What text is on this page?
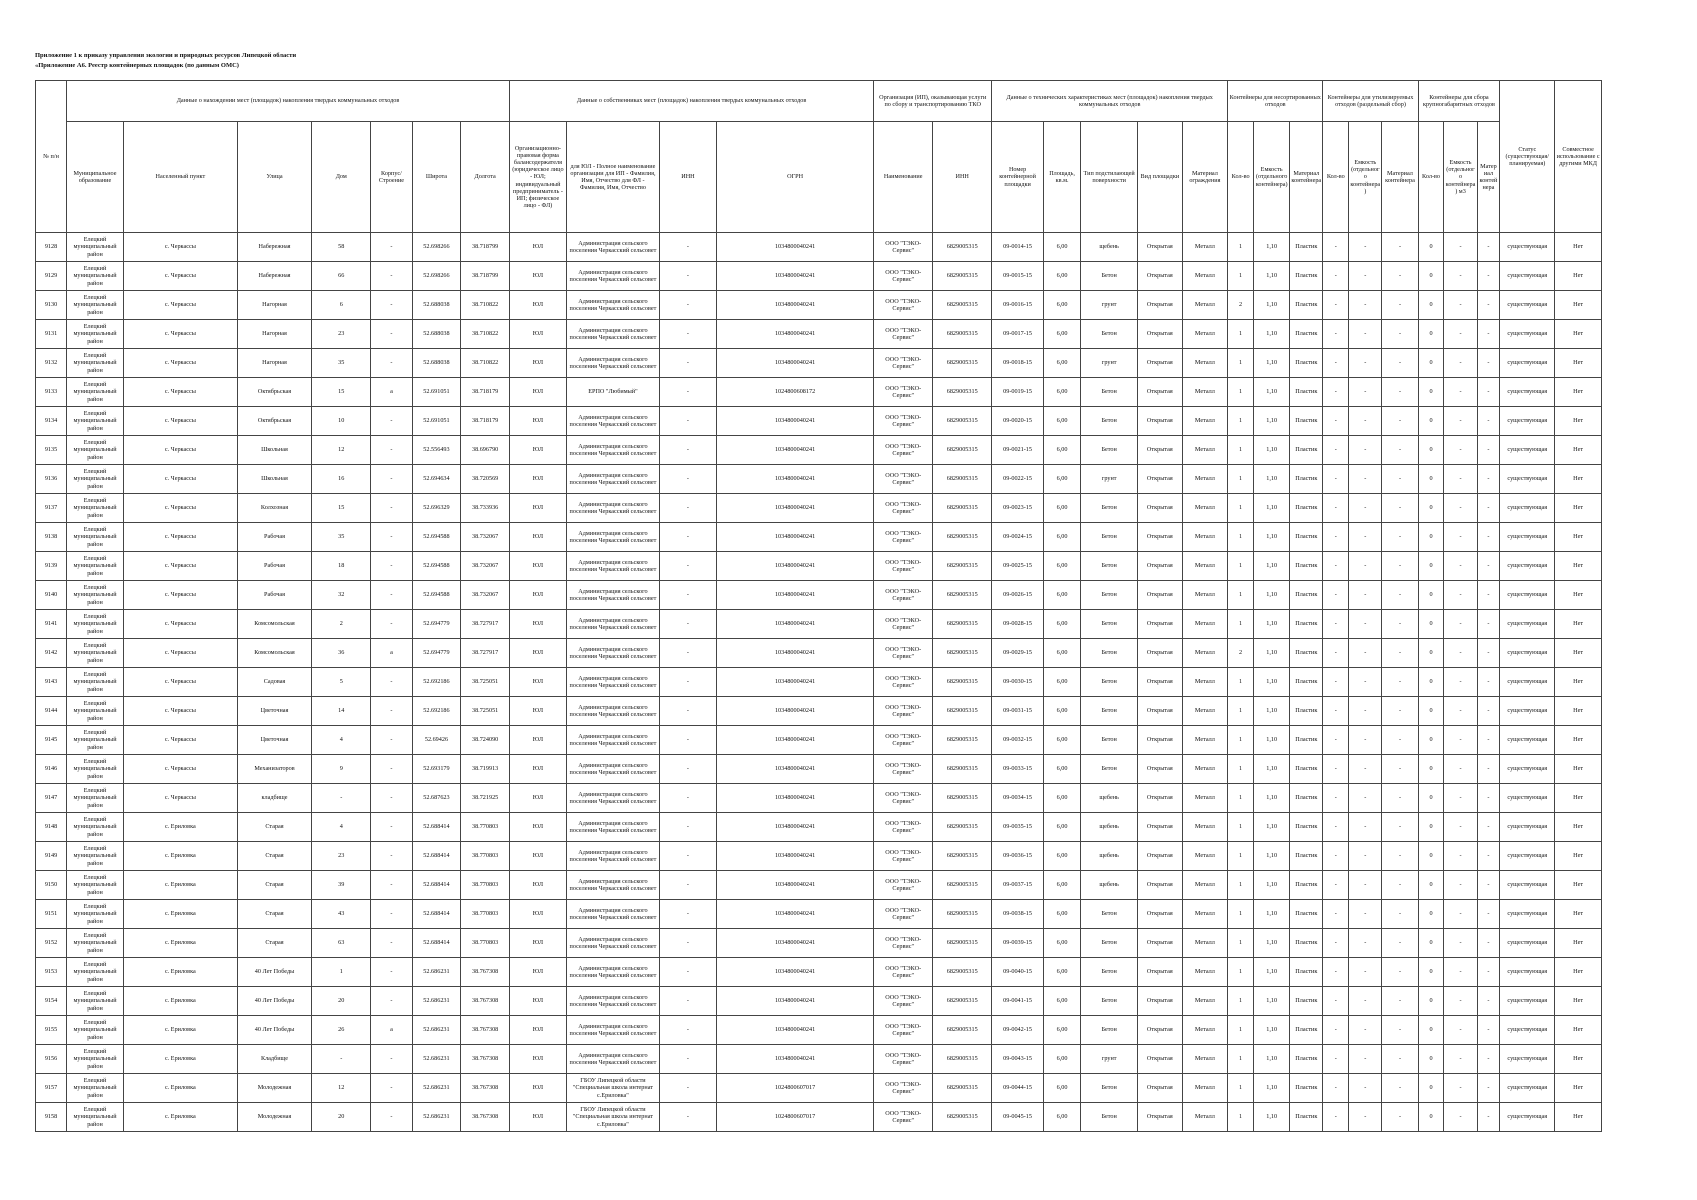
Приложение 1 к приказу управления экологии и природных ресурсов Липецкой области
«Приложение А6. Реестр контейнерных площадок (по данным ОМС)
№ п/н	Данные о нахождении мест (площадок) накопления твердых коммунальных отходов							Данные о собственниках мест (площадок) накопления твердых коммунальных отходов				Организация (ИП), оказывающая услуги по сбору и транспортированию ТКО		Данные о технических характеристиках мест (площадок) накопления твердых коммунальных отходов					Контейнеры для несортированных отходов			Контейнеры для утилизируемых отходов (раздельный сбор)			Контейнеры для сбора крупногабаритных отходов			Статус (существующая/ планируемая)	Совместное использование с другими МКД
	Муниципальное образование	Населенный пункт	Улица	Дом	Корпус/Строение	Широта	Долгота	Организационно-правовая форма балансодержателя (юридическое лицо - ЮЛ; индивидуальный предприниматель - ИП; физическое лицо - ФЛ)	для ЮЛ - Полное наименование организации для ИП - Фамилия, Имя, Отчество для ФЛ - Фамилия, Имя, Отчество	ИНН	ОГРН	Наименование	ИНН	Номер контейнерной площадки	Площадь, кв.м.	Тип подстилающей поверхности	Вид площадки	Материал ограждения	Кол-во	Емкость (отдельного контейнера)	Материал контейнера	Кол-во	Емкость (отдельного контейнера)	Материал контейнера	Кол-во	Емкость (отдельного контейнера) м3	Материал контейнера		
9128	Елецкий муниципальный район	с. Черкассы	Набережная	58	-	52.698266	38.718799	ЮЛ	Администрация сельского поселения Черкасский сельсовет	-	1034800040241	ООО "ТЭКО-Сервис"	6829005315	09-0014-15	6,00	щебень	Открытая	Металл	1	1,10	Пластик	-	-	-	0	-	-	существующая	Нет
9129	Елецкий муниципальный район	с. Черкассы	Набережная	66	-	52.698266	38.718799	ЮЛ	Администрация сельского поселения Черкасский сельсовет	-	1034800040241	ООО "ТЭКО-Сервис"	6829005315	09-0015-15	6,00	Бетон	Открытая	Металл	1	1,10	Пластик	-	-	-	0	-	-	существующая	Нет
9130	Елецкий муниципальный район	с. Черкассы	Нагорная	6	-	52.688038	38.710822	ЮЛ	Администрация сельского поселения Черкасский сельсовет	-	1034800040241	ООО "ТЭКО-Сервис"	6829005315	09-0016-15	6,00	грунт	Открытая	Металл	2	1,10	Пластик	-	-	-	0	-	-	существующая	Нет
9131	Елецкий муниципальный район	с. Черкассы	Нагорная	23	-	52.688038	38.710822	ЮЛ	Администрация сельского поселения Черкасский сельсовет	-	1034800040241	ООО "ТЭКО-Сервис"	6829005315	09-0017-15	6,00	Бетон	Открытая	Металл	1	1,10	Пластик	-	-	-	0	-	-	существующая	Нет
9132	Елецкий муниципальный район	с. Черкассы	Нагорная	35	-	52.688038	38.710822	ЮЛ	Администрация сельского поселения Черкасский сельсовет	-	1034800040241	ООО "ТЭКО-Сервис"	6829005315	09-0018-15	6,00	грунт	Открытая	Металл	1	1,10	Пластик	-	-	-	0	-	-	существующая	Нет
9133	Елецкий муниципальный район	с. Черкассы	Октябрьская	15	а	52.691051	38.718179	ЮЛ	ЕРПО "Любимый"	-	1024800608172	ООО "ТЭКО-Сервис"	6829005315	09-0019-15	6,00	Бетон	Открытая	Металл	1	1,10	Пластик	-	-	-	0	-	-	существующая	Нет
9134	Елецкий муниципальный район	с. Черкассы	Октябрьская	10	-	52.691051	38.718179	ЮЛ	Администрация сельского поселения Черкасский сельсовет	-	1034800040241	ООО "ТЭКО-Сервис"	6829005315	09-0020-15	6,00	Бетон	Открытая	Металл	1	1,10	Пластик	-	-	-	0	-	-	существующая	Нет
9135	Елецкий муниципальный район	с. Черкассы	Школьная	12	-	52.556493	38.696790	ЮЛ	Администрация сельского поселения Черкасский сельсовет	-	1034800040241	ООО "ТЭКО-Сервис"	6829005315	09-0021-15	6,00	Бетон	Открытая	Металл	1	1,10	Пластик	-	-	-	0	-	-	существующая	Нет
9136	Елецкий муниципальный район	с. Черкассы	Школьная	16	-	52.694634	38.720569	ЮЛ	Администрация сельского поселения Черкасский сельсовет	-	1034800040241	ООО "ТЭКО-Сервис"	6829005315	09-0022-15	6,00	грунт	Открытая	Металл	1	1,10	Пластик	-	-	-	0	-	-	существующая	Нет
9137	Елецкий муниципальный район	с. Черкассы	Колхозная	15	-	52.696329	38.733936	ЮЛ	Администрация сельского поселения Черкасский сельсовет	-	1034800040241	ООО "ТЭКО-Сервис"	6829005315	09-0023-15	6,00	Бетон	Открытая	Металл	1	1,10	Пластик	-	-	-	0	-	-	существующая	Нет
9138	Елецкий муниципальный район	с. Черкассы	Рабочая	35	-	52.694588	38.732067	ЮЛ	Администрация сельского поселения Черкасский сельсовет	-	1034800040241	ООО "ТЭКО-Сервис"	6829005315	09-0024-15	6,00	Бетон	Открытая	Металл	1	1,10	Пластик	-	-	-	0	-	-	существующая	Нет
9139	Елецкий муниципальный район	с. Черкассы	Рабочая	18	-	52.694588	38.732067	ЮЛ	Администрация сельского поселения Черкасский сельсовет	-	1034800040241	ООО "ТЭКО-Сервис"	6829005315	09-0025-15	6,00	Бетон	Открытая	Металл	1	1,10	Пластик	-	-	-	0	-	-	существующая	Нет
9140	Елецкий муниципальный район	с. Черкассы	Рабочая	32	-	52.694588	38.732067	ЮЛ	Администрация сельского поселения Черкасский сельсовет	-	1034800040241	ООО "ТЭКО-Сервис"	6829005315	09-0026-15	6,00	Бетон	Открытая	Металл	1	1,10	Пластик	-	-	-	0	-	-	существующая	Нет
9141	Елецкий муниципальный район	с. Черкассы	Комсомольская	2	-	52.694779	38.727917	ЮЛ	Администрация сельского поселения Черкасский сельсовет	-	1034800040241	ООО "ТЭКО-Сервис"	6829005315	09-0028-15	6,00	Бетон	Открытая	Металл	1	1,10	Пластик	-	-	-	0	-	-	существующая	Нет
9142	Елецкий муниципальный район	с. Черкассы	Комсомольская	36	а	52.694779	38.727917	ЮЛ	Администрация сельского поселения Черкасский сельсовет	-	1034800040241	ООО "ТЭКО-Сервис"	6829005315	09-0029-15	6,00	Бетон	Открытая	Металл	2	1,10	Пластик	-	-	-	0	-	-	существующая	Нет
9143	Елецкий муниципальный район	с. Черкассы	Садовая	5	-	52.692186	38.725051	ЮЛ	Администрация сельского поселения Черкасский сельсовет	-	1034800040241	ООО "ТЭКО-Сервис"	6829005315	09-0030-15	6,00	Бетон	Открытая	Металл	1	1,10	Пластик	-	-	-	0	-	-	существующая	Нет
9144	Елецкий муниципальный район	с. Черкассы	Цветочная	14	-	52.692186	38.725051	ЮЛ	Администрация сельского поселения Черкасский сельсовет	-	1034800040241	ООО "ТЭКО-Сервис"	6829005315	09-0031-15	6,00	Бетон	Открытая	Металл	1	1,10	Пластик	-	-	-	0	-	-	существующая	Нет
9145	Елецкий муниципальный район	с. Черкассы	Цветочная	4	-	52.69426	38.724090	ЮЛ	Администрация сельского поселения Черкасский сельсовет	-	1034800040241	ООО "ТЭКО-Сервис"	6829005315	09-0032-15	6,00	Бетон	Открытая	Металл	1	1,10	Пластик	-	-	-	0	-	-	существующая	Нет
9146	Елецкий муниципальный район	с. Черкассы	Механизаторов	9	-	52.693179	38.719913	ЮЛ	Администрация сельского поселения Черкасский сельсовет	-	1034800040241	ООО "ТЭКО-Сервис"	6829005315	09-0033-15	6,00	Бетон	Открытая	Металл	1	1,10	Пластик	-	-	-	0	-	-	существующая	Нет
9147	Елецкий муниципальный район	с. Черкассы	кладбище	-	-	52.687623	38.721925	ЮЛ	Администрация сельского поселения Черкасский сельсовет	-	1034800040241	ООО "ТЭКО-Сервис"	6829005315	09-0034-15	6,00	щебень	Открытая	Металл	1	1,10	Пластик	-	-	-	0	-	-	существующая	Нет
9148	Елецкий муниципальный район	с. Ериловка	Старая	4	-	52.688414	38.770803	ЮЛ	Администрация сельского поселения Черкасский сельсовет	-	1034800040241	ООО "ТЭКО-Сервис"	6829005315	09-0035-15	6,00	щебень	Открытая	Металл	1	1,10	Пластик	-	-	-	0	-	-	существующая	Нет
9149	Елецкий муниципальный район	с. Ериловка	Старая	23	-	52.688414	38.770803	ЮЛ	Администрация сельского поселения Черкасский сельсовет	-	1034800040241	ООО "ТЭКО-Сервис"	6829005315	09-0036-15	6,00	щебень	Открытая	Металл	1	1,10	Пластик	-	-	-	0	-	-	существующая	Нет
9150	Елецкий муниципальный район	с. Ериловка	Старая	39	-	52.688414	38.770803	ЮЛ	Администрация сельского поселения Черкасский сельсовет	-	1034800040241	ООО "ТЭКО-Сервис"	6829005315	09-0037-15	6,00	щебень	Открытая	Металл	1	1,10	Пластик	-	-	-	0	-	-	существующая	Нет
9151	Елецкий муниципальный район	с. Ериловка	Старая	43	-	52.688414	38.770803	ЮЛ	Администрация сельского поселения Черкасский сельсовет	-	1034800040241	ООО "ТЭКО-Сервис"	6829005315	09-0038-15	6,00	Бетон	Открытая	Металл	1	1,10	Пластик	-	-	-	0	-	-	существующая	Нет
9152	Елецкий муниципальный район	с. Ериловка	Старая	63	-	52.688414	38.770803	ЮЛ	Администрация сельского поселения Черкасский сельсовет	-	1034800040241	ООО "ТЭКО-Сервис"	6829005315	09-0039-15	6,00	Бетон	Открытая	Металл	1	1,10	Пластик	-	-	-	0	-	-	существующая	Нет
9153	Елецкий муниципальный район	с. Ериловка	40 Лет Победы	1	-	52.686231	38.767308	ЮЛ	Администрация сельского поселения Черкасский сельсовет	-	1034800040241	ООО "ТЭКО-Сервис"	6829005315	09-0040-15	6,00	Бетон	Открытая	Металл	1	1,10	Пластик	-	-	-	0	-	-	существующая	Нет
9154	Елецкий муниципальный район	с. Ериловка	40 Лет Победы	20	-	52.686231	38.767308	ЮЛ	Администрация сельского поселения Черкасский сельсовет	-	1034800040241	ООО "ТЭКО-Сервис"	6829005315	09-0041-15	6,00	Бетон	Открытая	Металл	1	1,10	Пластик	-	-	-	0	-	-	существующая	Нет
9155	Елецкий муниципальный район	с. Ериловка	40 Лет Победы	26	а	52.686231	38.767308	ЮЛ	Администрация сельского поселения Черкасский сельсовет	-	1034800040241	ООО "ТЭКО-Сервис"	6829005315	09-0042-15	6,00	Бетон	Открытая	Металл	1	1,10	Пластик	-	-	-	0	-	-	существующая	Нет
9156	Елецкий муниципальный район	с. Ериловка	Кладбище	-	-	52.686231	38.767308	ЮЛ	Администрация сельского поселения Черкасский сельсовет	-	1034800040241	ООО "ТЭКО-Сервис"	6829005315	09-0043-15	6,00	грунт	Открытая	Металл	1	1,10	Пластик	-	-	-	0	-	-	существующая	Нет
9157	Елецкий муниципальный район	с. Ериловка	Молодежная	12	-	52.686231	38.767308	ЮЛ	ГБОУ Липецкой области "Специальная школа интернат с.Ериловка"	-	1024800607017	ООО "ТЭКО-Сервис"	6829005315	09-0044-15	6,00	Бетон	Открытая	Металл	1	1,10	Пластик	-	-	-	0	-	-	существующая	Нет
9158	Елецкий муниципальный район	с. Ериловка	Молодежная	20	-	52.686231	38.767308	ЮЛ	ГБОУ Липецкой области "Специальная школа интернат с.Ериловка"	-	1024800607017	ООО "ТЭКО-Сервис"	6829005315	09-0045-15	6,00	Бетон	Открытая	Металл	1	1,10	Пластик	-	-	-	0	-	-	существующая	Нет
